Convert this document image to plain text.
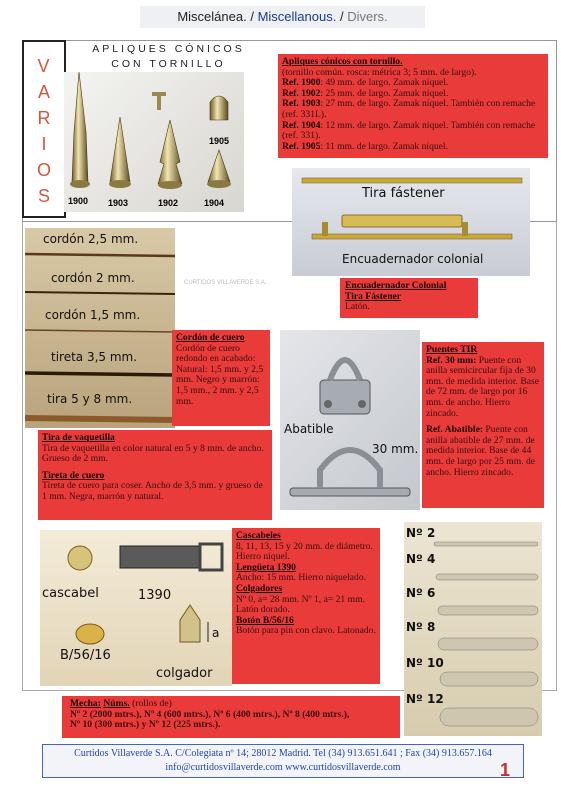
Miscelánea. / Miscellanous. / Divers.
V
A
R
I
O
S
APLIQUES CÓNICOS
CON TORNILLO
1900 1903	1902	1904
1905
Apliques cónicos con tornillo.
(tornillo común. rosca: métrica 3; 5 mm. de largo).
Ref. 1900: 49 mm. de largo. Zamak níquel.
Ref. 1902: 25 mm. de largo. Zamak níquel.
Ref. 1903: 27 mm. de largo. Zamak níquel. También con remache (ref. 331L).
Ref. 1904: 12 mm. de largo. Zamak níquel. También con remache (ref. 331).
Ref. 1905: 11 mm. de largo. Zamak níquel.
Tira fástener
Encuadernador colonial
Encuadernador Colonial
Tira Fástener
Latón.
cordón 2,5 mm.
cordón 2 mm.
cordón 1,5 mm.
tireta 3,5 mm.
tira 5 y 8 mm.
CURTIDOS VILLAVERDE S.A.
Cordón de cuero
Cordón de cuero redondo en acabado: Natural: 1,5 mm. y 2,5 mm. Negro y marrón: 1,5 mm., 2 mm. y 2,5 mm.
Tira de vaquetilla
Tira de vaquetilla en color natural en 5 y 8 mm. de ancho. Grueso de 2 mm.
Tireta de cuero
Tireta de cuero para coser. Ancho de 3,5 mm. y grueso de 1 mm. Negra, marrón y natural.
Abatible
30 mm.
Puentes TIR
Ref. 30 mm: Puente con anilla semicircular fija de 30 mm. de medida interior. Base de 72 mm. de largo por 16 mm. de ancho. Hierro zincado.
Ref. Abatible: Puente con anilla abatible de 27 mm. de medida interior. Base de 44 mm. de largo por 25 mm. de ancho. Hierro zincado.
cascabel	1390
B/56/16
colgador
a
Cascabeles
8, 11, 13, 15 y 20 mm. de diámetro. Hierro níquel.
Lengüeta 1390
Ancho: 15 mm. Hierro niquelado.
Colgadores
Nº 0, a= 28 mm. Nº 1, a= 21 mm. Latón dorado.
Botón B/56/16
Botón para pin con clavo. Latonado.
Nº 2
Nº 4
Nº 6
Nº 8
Nº 10
Nº 12
Mecha: Núms. (rollos de)
Nº 2 (2000 mtrs.), Nº 4 (600 mtrs.), Nº 6 (400 mtrs.), Nº 8 (400 mtrs.),
Nº 10 (300 mtrs.) y Nº 12 (225 mtrs.).
Curtidos Villaverde S.A. C/Colegiata nº 14; 28012 Madrid. Tel (34) 913.651.641 ; Fax (34) 913.657.164
info@curtidosvillaverde.com www.curtidosvillaverde.com	1
